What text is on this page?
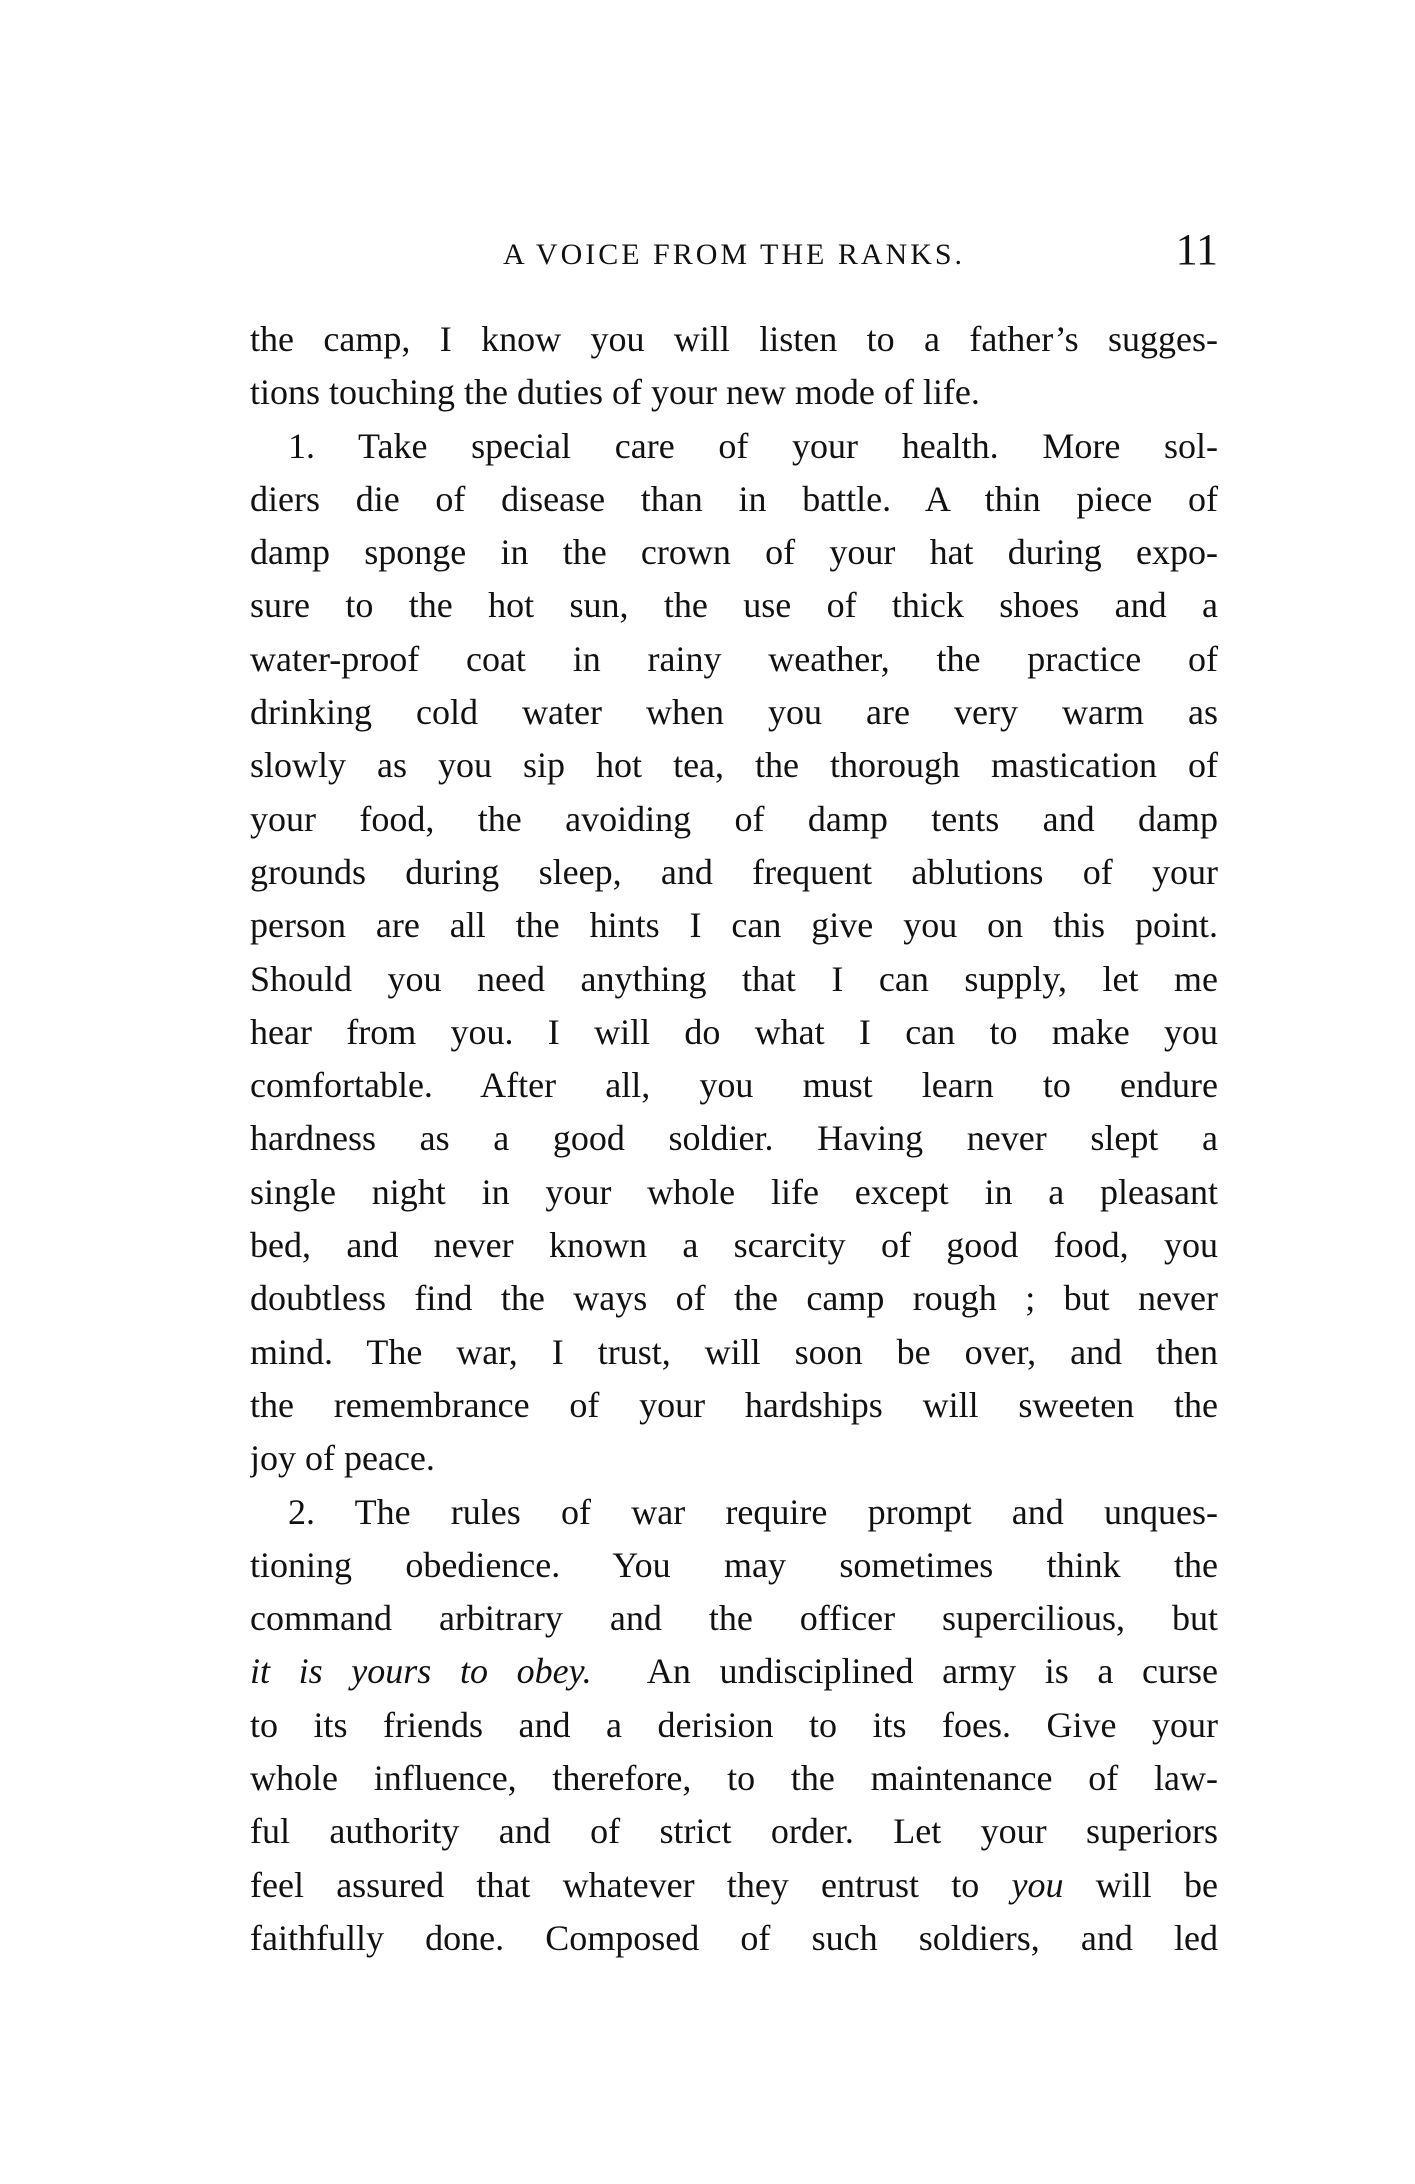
A VOICE FROM THE RANKS.	11
the camp, I know you will listen to a father’s sugges-
tions touching the duties of your new mode of life.
1. Take special care of your health. More sol-
diers die of disease than in battle. A thin piece of
damp sponge in the crown of your hat during expo-
sure to the hot sun, the use of thick shoes and a
water-proof coat in rainy weather, the practice of
drinking cold water when you are very warm as
slowly as you sip hot tea, the thorough mastication of
your food, the avoiding of damp tents and damp
grounds during sleep, and frequent ablutions of your
person are all the hints I can give you on this point.
Should you need anything that I can supply, let me
hear from you. I will do what I can to make you
comfortable. After all, you must learn to endure
hardness as a good soldier. Having never slept a
single night in your whole life except in a pleasant
bed, and never known a scarcity of good food, you
doubtless find the ways of the camp rough ; but never
mind. The war, I trust, will soon be over, and then
the remembrance of your hardships will sweeten the
joy of peace.
2. The rules of war require prompt and unques-
tioning obedience. You may sometimes think the
command arbitrary and the officer supercilious, but
it is yours to obey. An undisciplined army is a curse
to its friends and a derision to its foes. Give your
whole influence, therefore, to the maintenance of law-
ful authority and of strict order. Let your superiors
feel assured that whatever they entrust to you will be
faithfully done. Composed of such soldiers, and led
